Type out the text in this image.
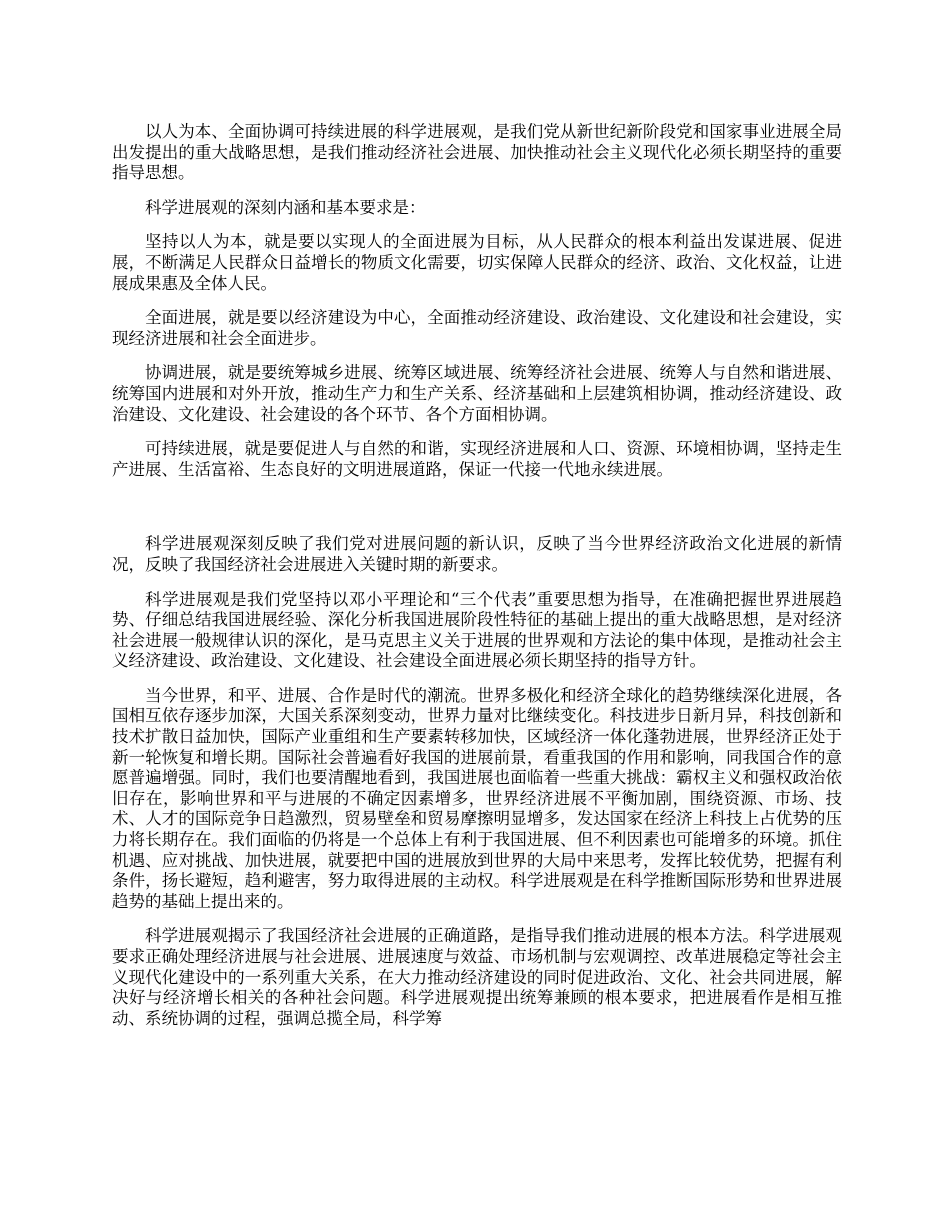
以人为本、全面协调可持续进展的科学进展观，是我们党从新世纪新阶段党和国家事业进展全局出发提出的重大战略思想，是我们推动经济社会进展、加快推动社会主义现代化必须长期坚持的重要指导思想。

科学进展观的深刻内涵和基本要求是：

坚持以人为本，就是要以实现人的全面进展为目标，从人民群众的根本利益出发谋进展、促进展，不断满足人民群众日益增长的物质文化需要，切实保障人民群众的经济、政治、文化权益，让进展成果惠及全体人民。

全面进展，就是要以经济建设为中心，全面推动经济建设、政治建设、文化建设和社会建设，实现经济进展和社会全面进步。

协调进展，就是要统筹城乡进展、统筹区域进展、统筹经济社会进展、统筹人与自然和谐进展、统筹国内进展和对外开放，推动生产力和生产关系、经济基础和上层建筑相协调，推动经济建设、政治建设、文化建设、社会建设的各个环节、各个方面相协调。

可持续进展，就是要促进人与自然的和谐，实现经济进展和人口、资源、环境相协调，坚持走生产进展、生活富裕、生态良好的文明进展道路，保证一代接一代地永续进展。

科学进展观深刻反映了我们党对进展问题的新认识，反映了当今世界经济政治文化进展的新情况，反映了我国经济社会进展进入关键时期的新要求。

科学进展观是我们党坚持以邓小平理论和“三个代表”重要思想为指导，在准确把握世界进展趋势、仔细总结我国进展经验、深化分析我国进展阶段性特征的基础上提出的重大战略思想，是对经济社会进展一般规律认识的深化，是马克思主义关于进展的世界观和方法论的集中体现，是推动社会主义经济建设、政治建设、文化建设、社会建设全面进展必须长期坚持的指导方针。

当今世界，和平、进展、合作是时代的潮流。世界多极化和经济全球化的趋势继续深化进展，各国相互依存逐步加深，大国关系深刻变动，世界力量对比继续变化。科技进步日新月异，科技创新和技术扩散日益加快，国际产业重组和生产要素转移加快，区域经济一体化蓬勃进展，世界经济正处于新一轮恢复和增长期。国际社会普遍看好我国的进展前景，看重我国的作用和影响，同我国合作的意愿普遍增强。同时，我们也要清醒地看到，我国进展也面临着一些重大挑战：霸权主义和强权政治依旧存在，影响世界和平与进展的不确定因素增多，世界经济进展不平衡加剧，围绕资源、市场、技术、人才的国际竞争日趋激烈，贸易壁垒和贸易摩擦明显增多，发达国家在经济上科技上占优势的压力将长期存在。我们面临的仍将是一个总体上有利于我国进展、但不利因素也可能增多的环境。抓住机遇、应对挑战、加快进展，就要把中国的进展放到世界的大局中来思考，发挥比较优势，把握有利条件，扬长避短，趋利避害，努力取得进展的主动权。科学进展观是在科学推断国际形势和世界进展趋势的基础上提出来的。

科学进展观揭示了我国经济社会进展的正确道路，是指导我们推动进展的根本方法。科学进展观要求正确处理经济进展与社会进展、进展速度与效益、市场机制与宏观调控、改革进展稳定等社会主义现代化建设中的一系列重大关系，在大力推动经济建设的同时促进政治、文化、社会共同进展，解决好与经济增长相关的各种社会问题。科学进展观提出统筹兼顾的根本要求，把进展看作是相互推动、系统协调的过程，强调总揽全局，科学筹
